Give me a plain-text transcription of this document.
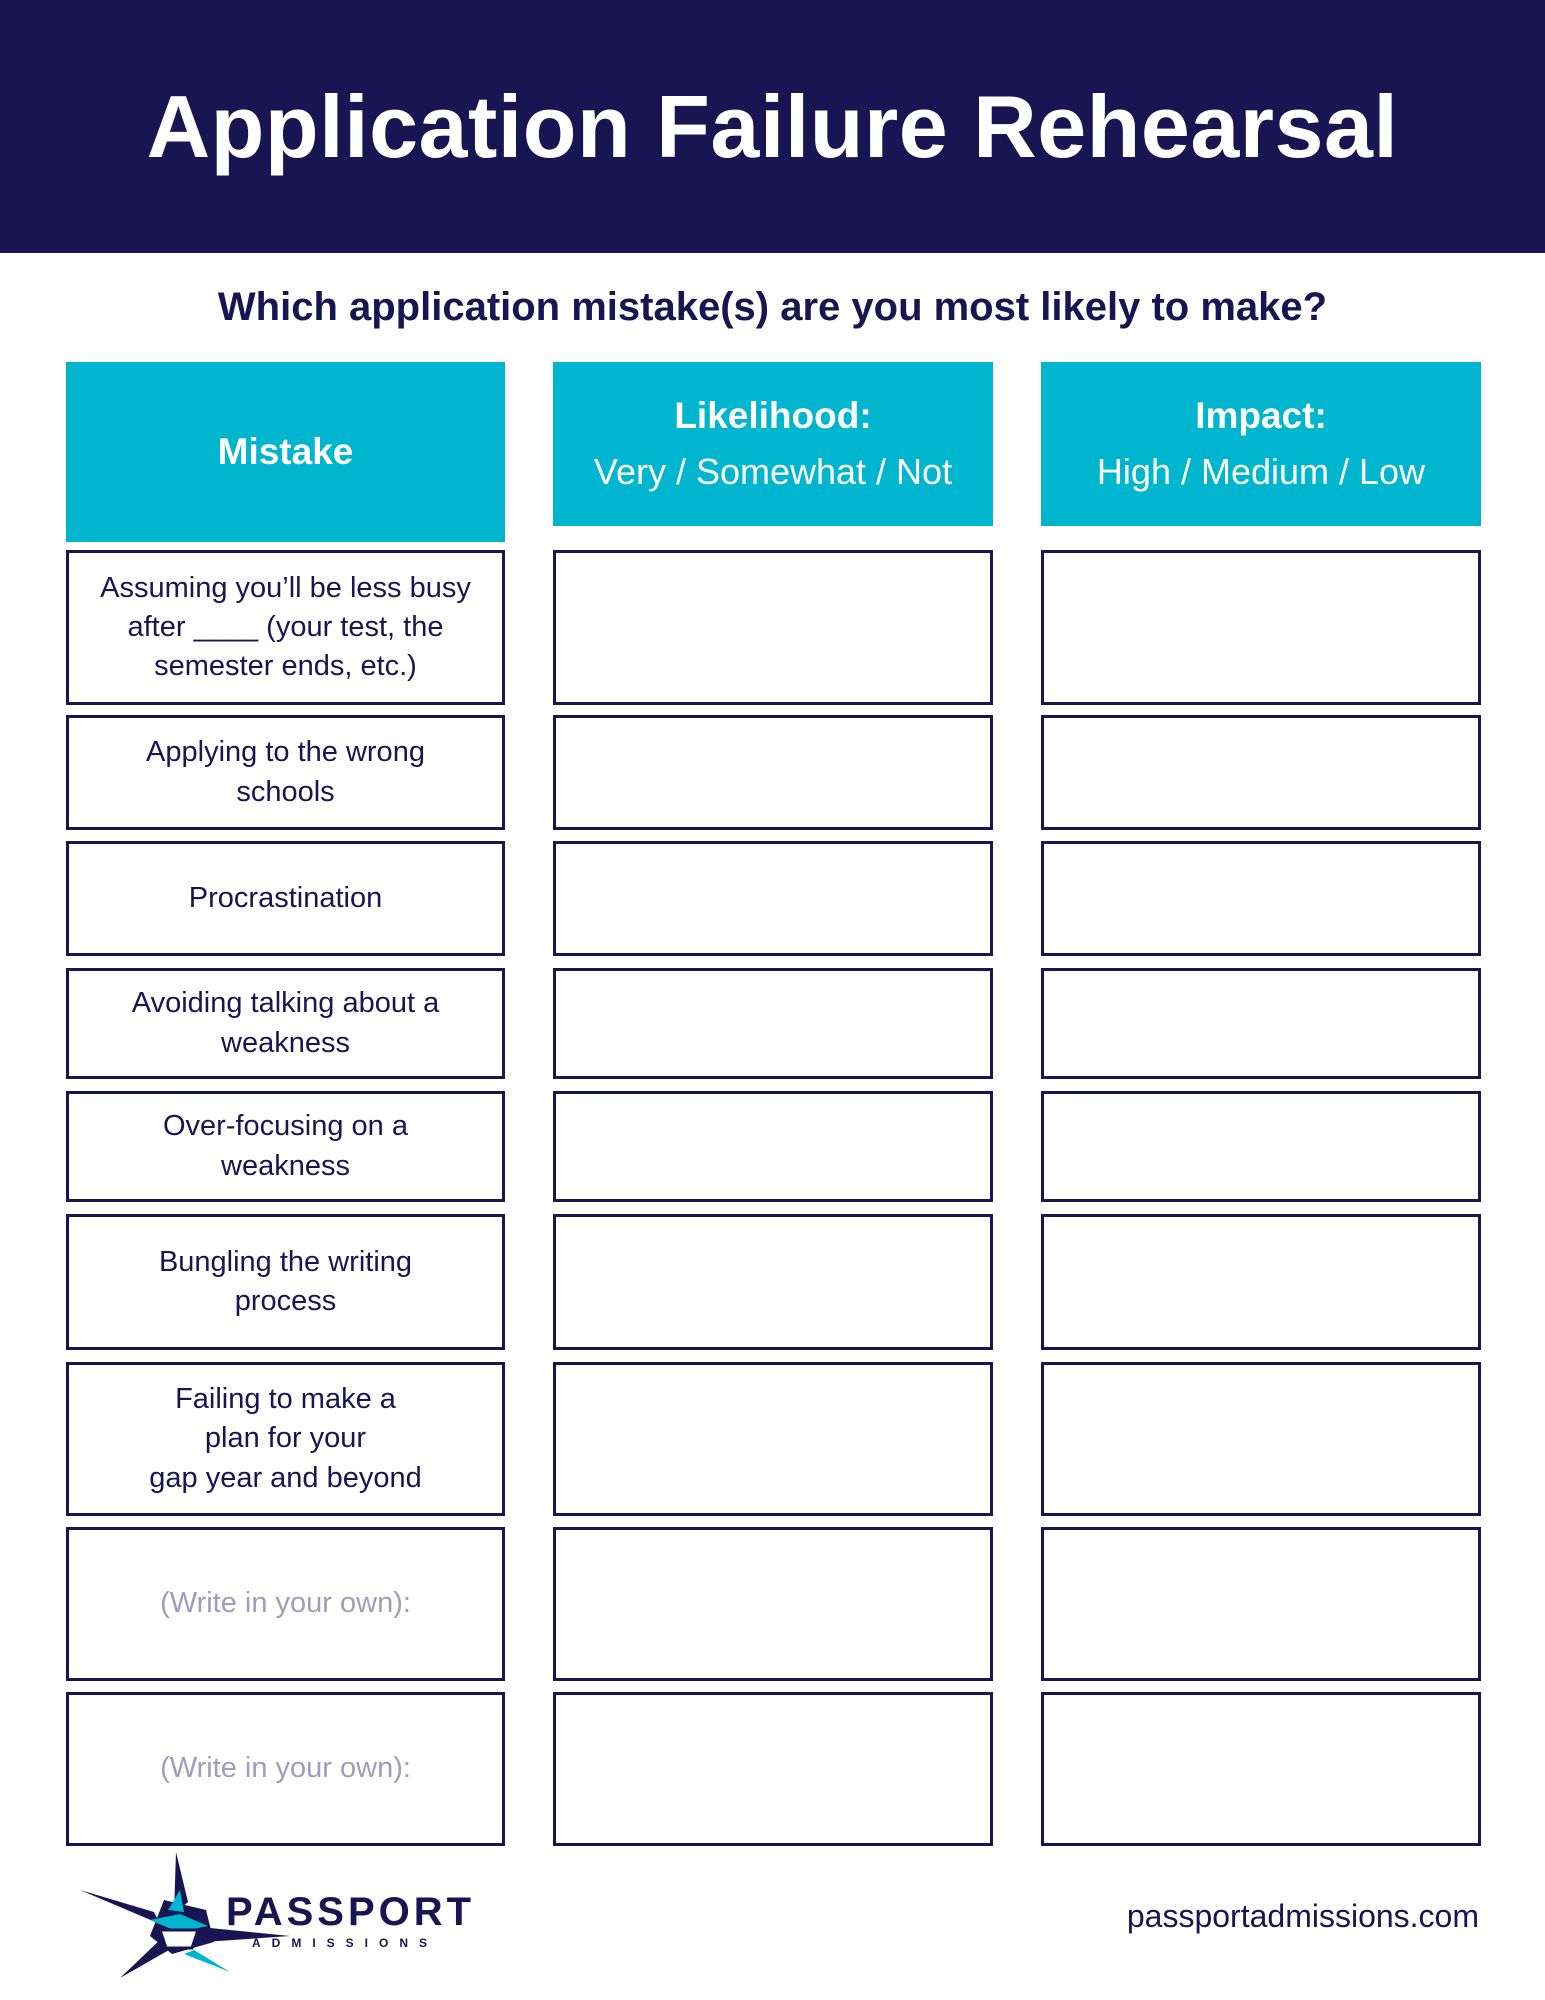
Application Failure Rehearsal
Which application mistake(s) are you most likely to make?
Mistake
Likelihood:
Very / Somewhat / Not
Impact:
High / Medium / Low
Assuming you’ll be less busy
after ____ (your test, the
semester ends, etc.)
Applying to the wrong
schools
Procrastination
Avoiding talking about a
weakness
Over-focusing on a
weakness
Bungling the writing
process
Failing to make a
plan for your
gap year and beyond
(Write in your own):
(Write in your own):
PASSPORT
ADMISSIONS
passportadmissions.com
